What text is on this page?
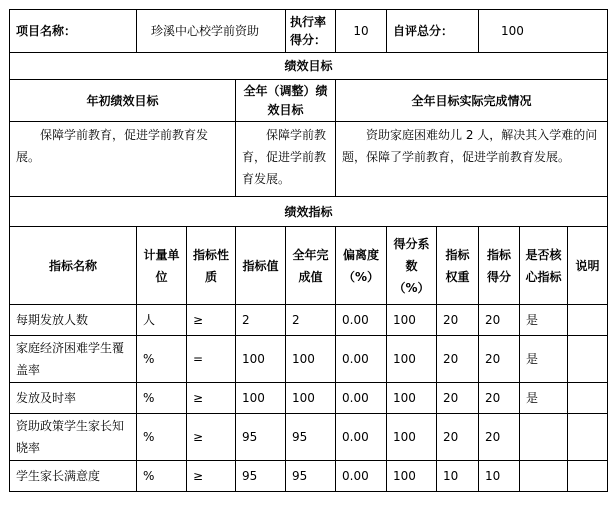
项目名称：	珍溪中心校学前资助			执行率得分：	10	自评总分：		100		
绩效目标										
年初绩效目标			全年（调整）绩效目标		全年目标实际完成情况					
保障学前教育，促进学前教育发展。			保障学前教育，促进学前教育发展。		资助家庭困难幼儿 2 人，解决其入学难的问题，保障了学前教育，促进学前教育发展。					
绩效指标										
指标名称	计量单位	指标性质	指标值	全年完成值	偏离度（%）	得分系数（%）	指标权重	指标得分	是否核心指标	说明
每期发放人数	人	≥	2	2	0.00	100	20	20	是	
家庭经济困难学生覆盖率	%	=	100	100	0.00	100	20	20	是	
发放及时率	%	≥	100	100	0.00	100	20	20	是	
资助政策学生家长知晓率	%	≥	95	95	0.00	100	20	20		
学生家长满意度	%	≥	95	95	0.00	100	10	10		
